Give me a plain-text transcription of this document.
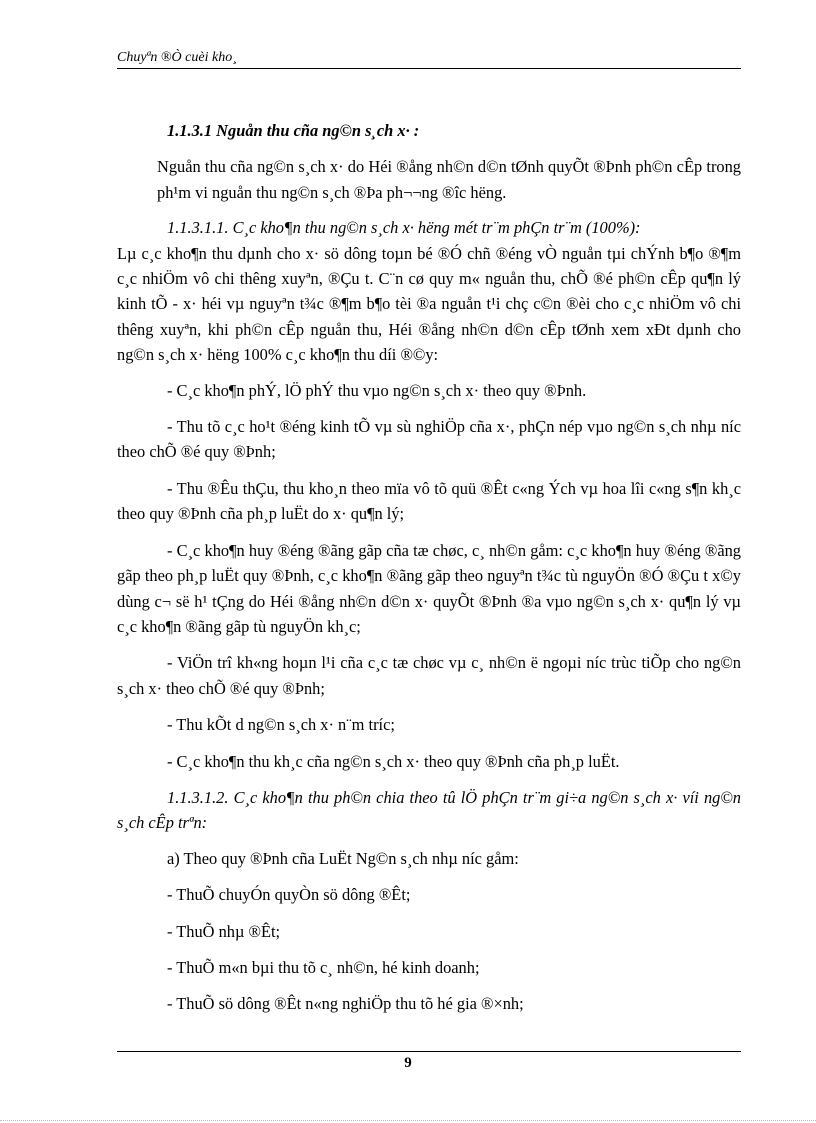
Chuyªn ®Ò cuèi kho¸

1.1.3.1 Nguån thu cña ng©n s¸ch x· :

Nguån thu cña ng©n s¸ch x· do Héi ®ång nh©n d©n tØnh quyÕt ®Þnh ph©n cÊp trong ph¹m vi nguån thu ng©n s¸ch ®Þa ph¬¬ng ®îc hëng.

1.1.3.1.1. C¸c kho¶n thu ng©n s¸ch x· hëng mét tr¨m phÇn tr¨m (100%):

Lµ c¸c kho¶n thu dµnh cho x· sö dông toµn bé ®Ó chñ ®éng vÒ nguån tµi chÝnh b¶o ®¶m c¸c nhiÖm vô chi thêng xuyªn, ®Çu t. C¨n cø quy m« nguån thu, chÕ ®é ph©n cÊp qu¶n lý kinh tÕ - x· héi vµ nguyªn t¾c ®¶m b¶o tèi ®a nguån t¹i chç c©n ®èi cho c¸c nhiÖm vô chi thêng xuyªn, khi ph©n cÊp nguån thu, Héi ®ång nh©n d©n cÊp tØnh xem xÐt dµnh cho ng©n s¸ch x· hëng 100% c¸c kho¶n thu díi ®©y:

- C¸c kho¶n phÝ, lÖ phÝ thu vµo ng©n s¸ch x· theo quy ®Þnh.

- Thu tõ c¸c ho¹t ®éng kinh tÕ vµ sù nghiÖp cña x·, phÇn nép vµo ng©n s¸ch nhµ níc theo chÕ ®é quy ®Þnh;

- Thu ®Êu thÇu, thu kho¸n theo mïa vô tõ quü ®Êt c«ng Ých vµ hoa lîi c«ng s¶n kh¸c theo quy ®Þnh cña ph¸p luËt do x· qu¶n lý;

- C¸c kho¶n huy ®éng ®ãng gãp cña tæ chøc, c¸ nh©n gåm: c¸c kho¶n huy ®éng ®ãng gãp theo ph¸p luËt quy ®Þnh, c¸c kho¶n ®ãng gãp theo nguyªn t¾c tù nguyÖn ®Ó ®Çu t x©y dùng c¬ së h¹ tÇng do Héi ®ång nh©n d©n x· quyÕt ®Þnh ®a vµo ng©n s¸ch x· qu¶n lý vµ c¸c kho¶n ®ãng gãp tù nguyÖn kh¸c;

- ViÖn trî kh«ng hoµn l¹i cña c¸c tæ chøc vµ c¸ nh©n ë ngoµi níc trùc tiÕp cho ng©n s¸ch x· theo chÕ ®é quy ®Þnh;

- Thu kÕt d ng©n s¸ch x· n¨m tríc;

- C¸c kho¶n thu kh¸c cña ng©n s¸ch x· theo quy ®Þnh cña ph¸p luËt.

1.1.3.1.2. C¸c kho¶n thu ph©n chia theo tû lÖ phÇn tr¨m gi÷a ng©n s¸ch x· víi ng©n s¸ch cÊp trªn:

a) Theo quy ®Þnh cña LuËt Ng©n s¸ch nhµ níc gåm:

- ThuÕ chuyÓn quyÒn sö dông ®Êt;

- ThuÕ nhµ ®Êt;

- ThuÕ m«n bµi thu tõ c¸ nh©n, hé kinh doanh;

- ThuÕ sö dông ®Êt n«ng nghiÖp thu tõ hé gia ®×nh;

9
